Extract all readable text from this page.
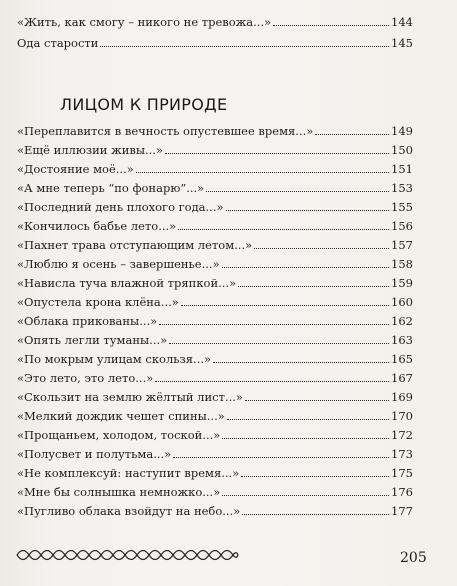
«Жить, как смогу – никого не тревожа...»	144
Ода старости	145
ЛИЦОМ К ПРИРОДЕ
«Переплавится в вечность опустевшее время...»	149
«Ещё иллюзии живы...»	150
«Достояние моё...»	151
«А мне теперь “по фонарю”...»	153
«Последний день плохого года...»	155
«Кончилось бабье лето...»	156
«Пахнет трава отступающим летом...»	157
«Люблю я осень – завершенье...»	158
«Нависла туча влажной тряпкой...»	159
«Опустела крона клёна...»	160
«Облака прикованы...»	162
«Опять легли туманы...»	163
«По мокрым улицам скользя...»	165
«Это лето, это лето...»	167
«Скользит на землю жёлтый лист...»	169
«Мелкий дождик чешет спины...»	170
«Прощаньем, холодом, тоской...»	172
«Полусвет и полутьма...»	173
«Не комплексуй: наступит время...»	175
«Мне бы солнышка немножко...»	176
«Пугливо облака взойдут на небо...»	177
205
